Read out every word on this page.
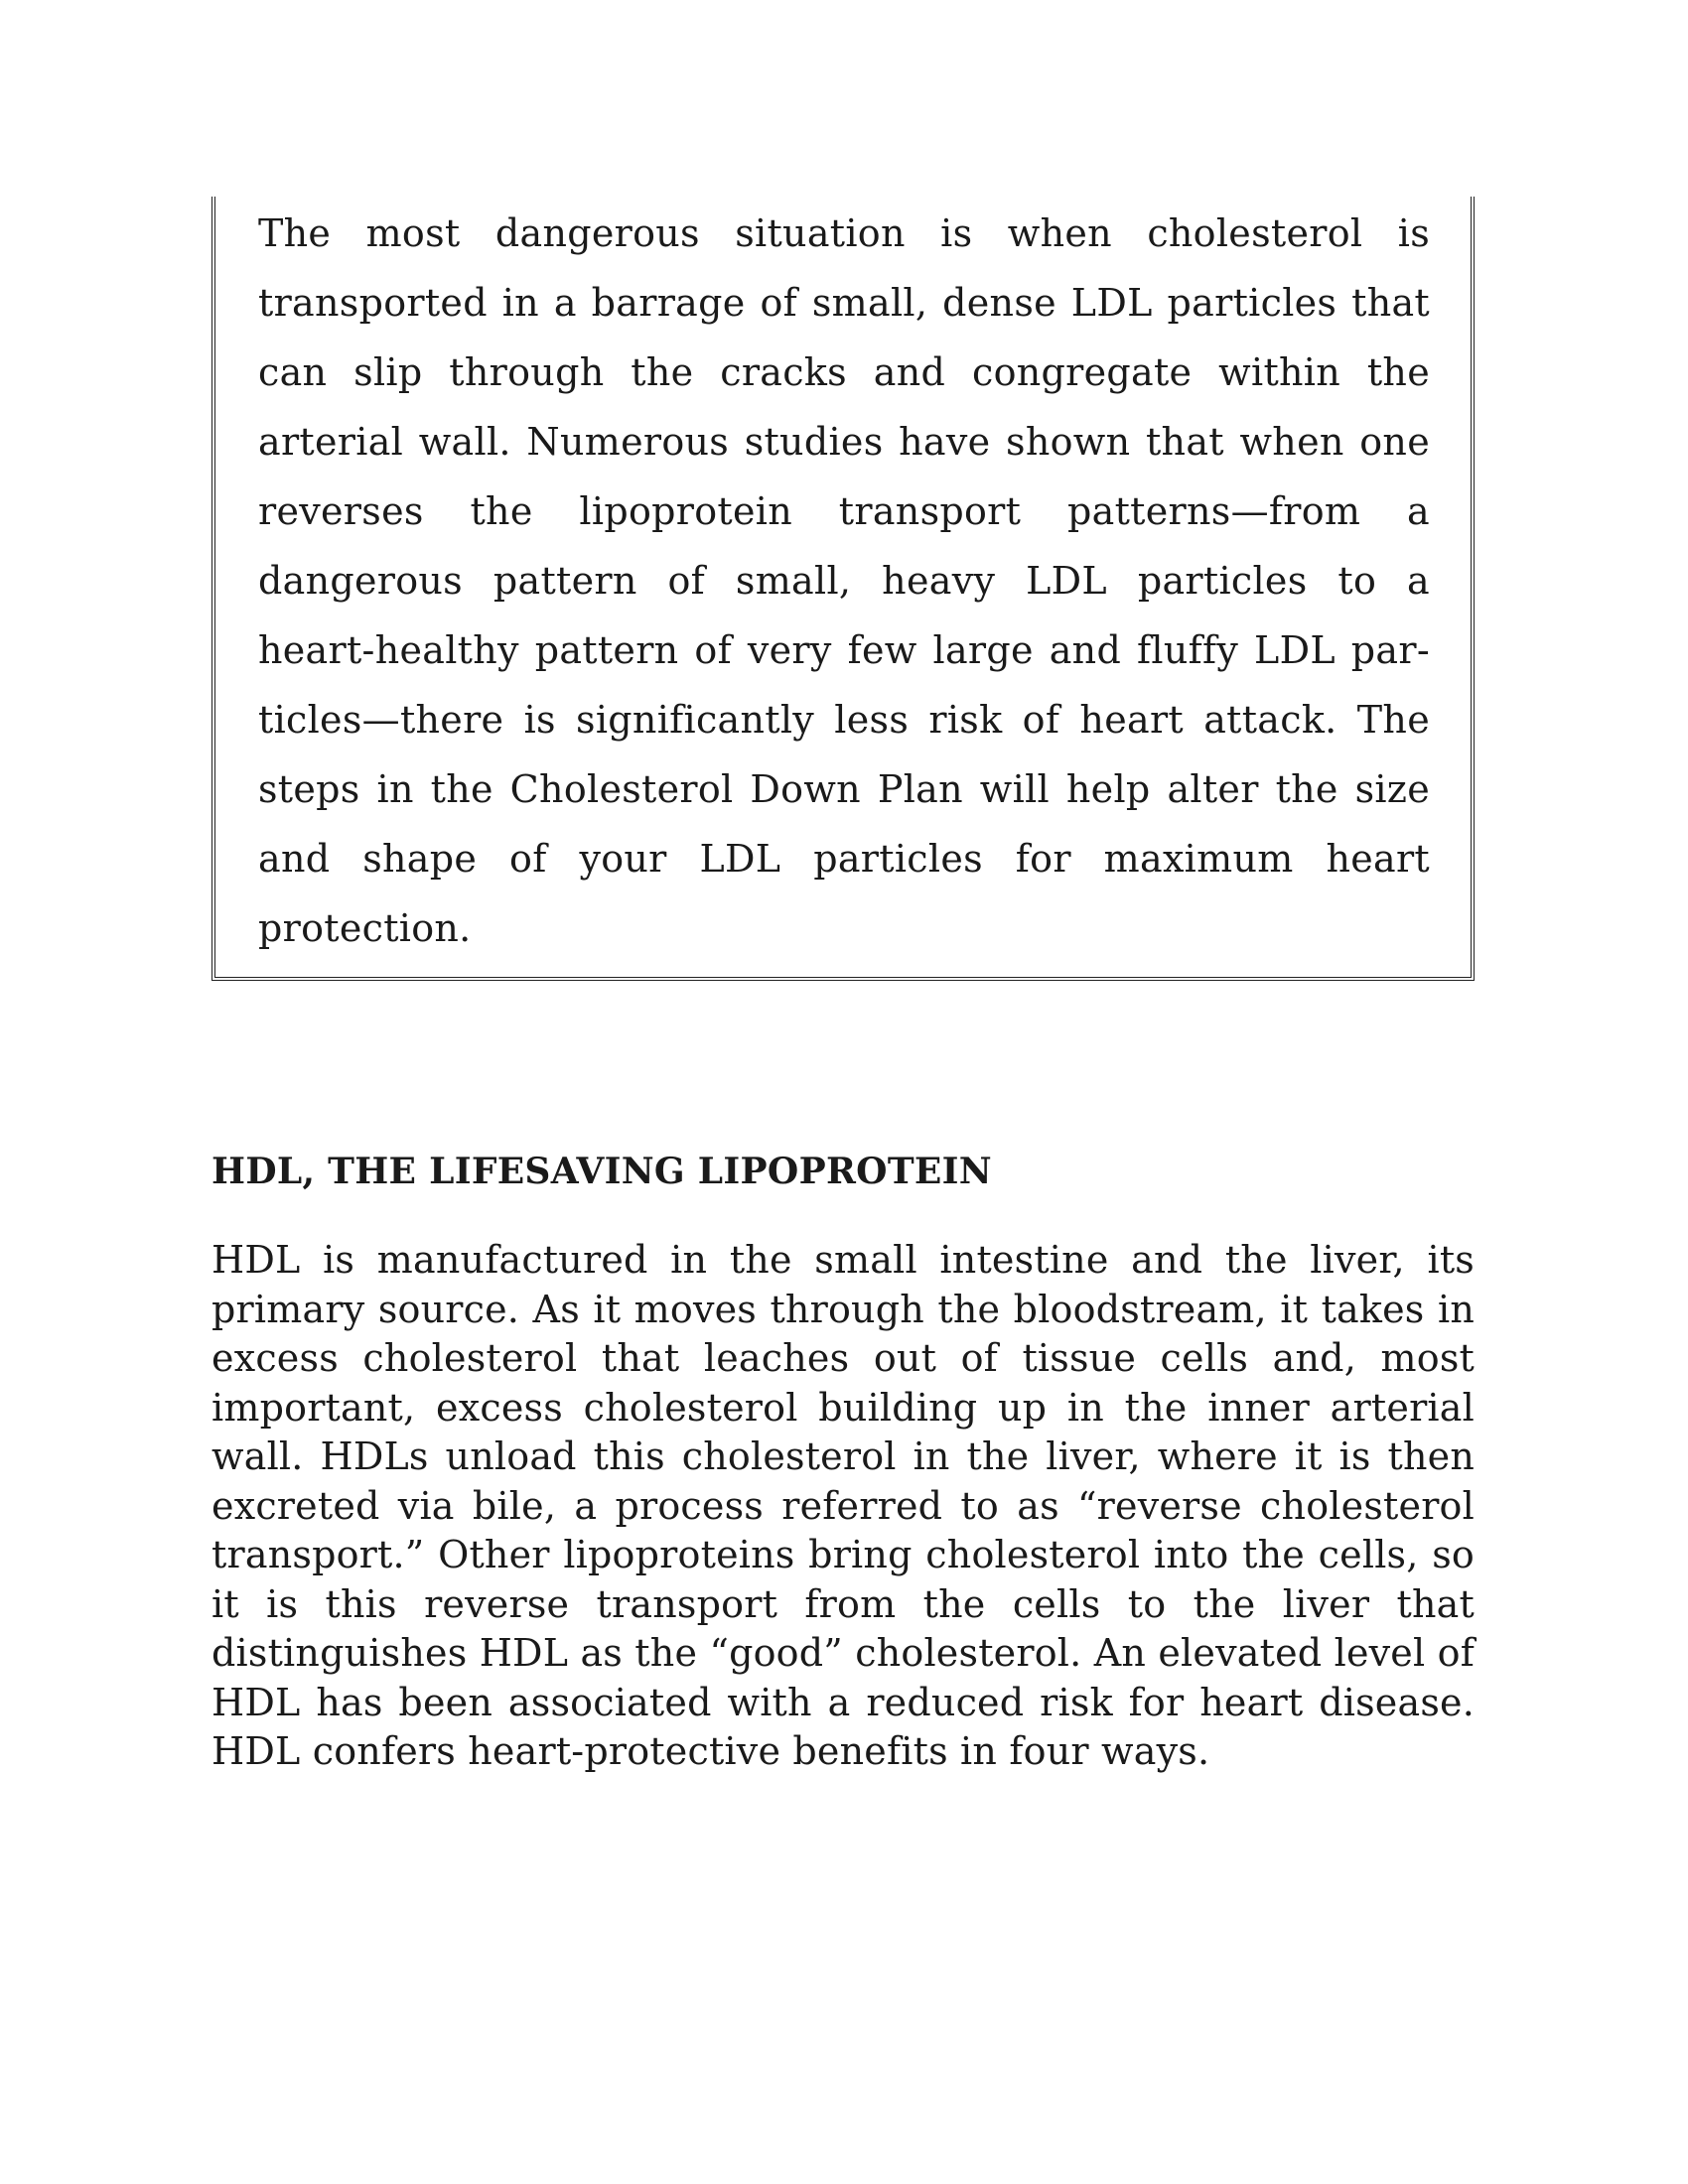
The most dangerous situation is when cholesterol is transported in a barrage of small, dense LDL particles that can slip through the cracks and congregate within the arterial wall. Numerous studies have shown that when one reverses the lipoprotein transport patterns—from a dangerous pattern of small, heavy LDL particles to a heart-healthy pattern of very few large and fluffy LDL par-ticles—there is significantly less risk of heart attack. The steps in the Cholesterol Down Plan will help alter the size and shape of your LDL particles for maximum heart protection.

HDL, THE LIFESAVING LIPOPROTEIN

HDL is manufactured in the small intestine and the liver, its primary source. As it moves through the bloodstream, it takes in excess cholesterol that leaches out of tissue cells and, most important, excess cholesterol building up in the inner arterial wall. HDLs unload this cholesterol in the liver, where it is then excreted via bile, a process referred to as “reverse cholesterol transport.” Other lipoproteins bring cholesterol into the cells, so it is this reverse transport from the cells to the liver that distinguishes HDL as the “good” cholesterol. An elevated level of HDL has been associated with a reduced risk for heart disease. HDL confers heart-protective benefits in four ways.
